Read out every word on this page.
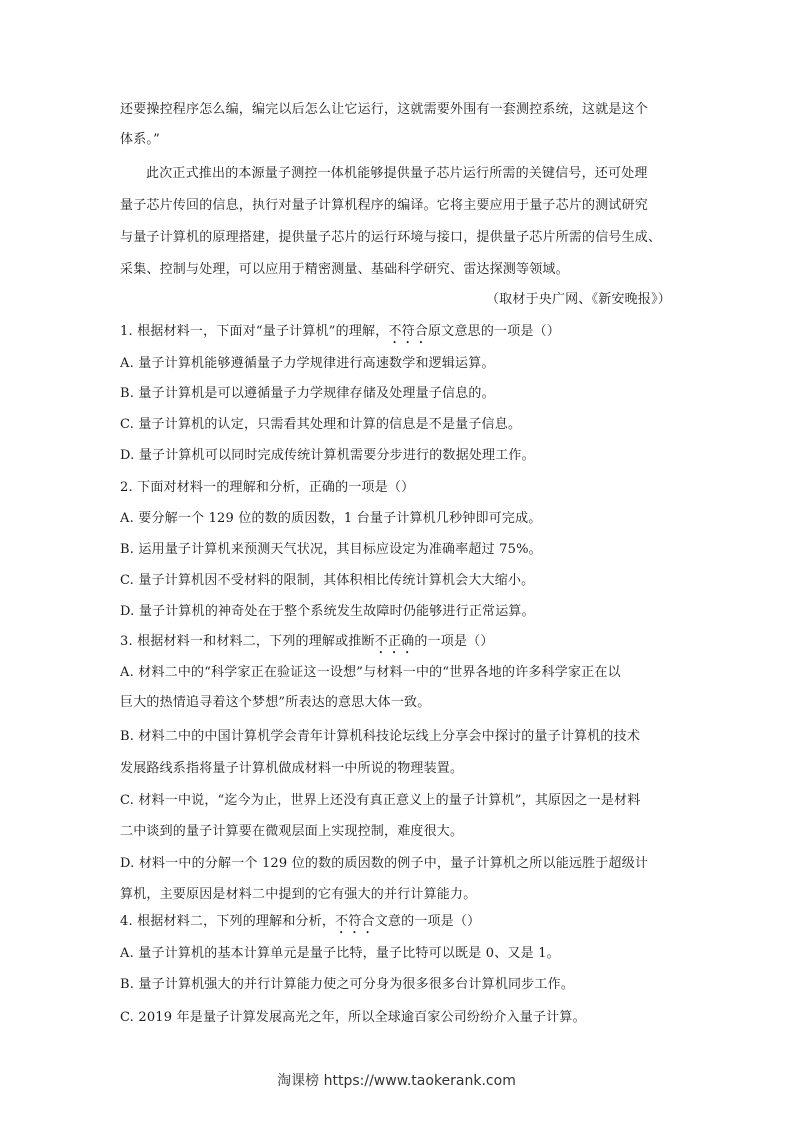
还要操控程序怎么编，编完以后怎么让它运行，这就需要外围有一套测控系统，这就是这个
体系。”
此次正式推出的本源量子测控一体机能够提供量子芯片运行所需的关键信号，还可处理
量子芯片传回的信息，执行对量子计算机程序的编译。它将主要应用于量子芯片的测试研究
与量子计算机的原理搭建，提供量子芯片的运行环境与接口，提供量子芯片所需的信号生成、
采集、控制与处理，可以应用于精密测量、基础科学研究、雷达探测等领域。
（取材于央广网、《新安晚报》）
1. 根据材料一，下面对“量子计算机”的理解，不符合原文意思的一项是（）
A. 量子计算机能够遵循量子力学规律进行高速数学和逻辑运算。
B. 量子计算机是可以遵循量子力学规律存储及处理量子信息的。
C. 量子计算机的认定，只需看其处理和计算的信息是不是量子信息。
D. 量子计算机可以同时完成传统计算机需要分步进行的数据处理工作。
2. 下面对材料一的理解和分析，正确的一项是（）
A. 要分解一个 129 位的数的质因数，1 台量子计算机几秒钟即可完成。
B. 运用量子计算机来预测天气状况，其目标应设定为准确率超过 75%。
C. 量子计算机因不受材料的限制，其体积相比传统计算机会大大缩小。
D. 量子计算机的神奇处在于整个系统发生故障时仍能够进行正常运算。
3. 根据材料一和材料二，下列的理解或推断不正确的一项是（）
A. 材料二中的“科学家正在验证这一设想”与材料一中的“世界各地的许多科学家正在以
巨大的热情追寻着这个梦想”所表达的意思大体一致。
B. 材料二中的中国计算机学会青年计算机科技论坛线上分享会中探讨的量子计算机的技术
发展路线系指将量子计算机做成材料一中所说的物理装置。
C. 材料一中说，“迄今为止，世界上还没有真正意义上的量子计算机”，其原因之一是材料
二中谈到的量子计算要在微观层面上实现控制，难度很大。
D. 材料一中的分解一个 129 位的数的质因数的例子中，量子计算机之所以能远胜于超级计
算机，主要原因是材料二中提到的它有强大的并行计算能力。
4. 根据材料二，下列的理解和分析，不符合文意的一项是（）
A. 量子计算机的基本计算单元是量子比特，量子比特可以既是 0、又是 1。
B. 量子计算机强大的并行计算能力使之可分身为很多很多台计算机同步工作。
C. 2019 年是量子计算发展高光之年，所以全球逾百家公司纷纷介入量子计算。
淘课榜 https://www.taokerank.com
